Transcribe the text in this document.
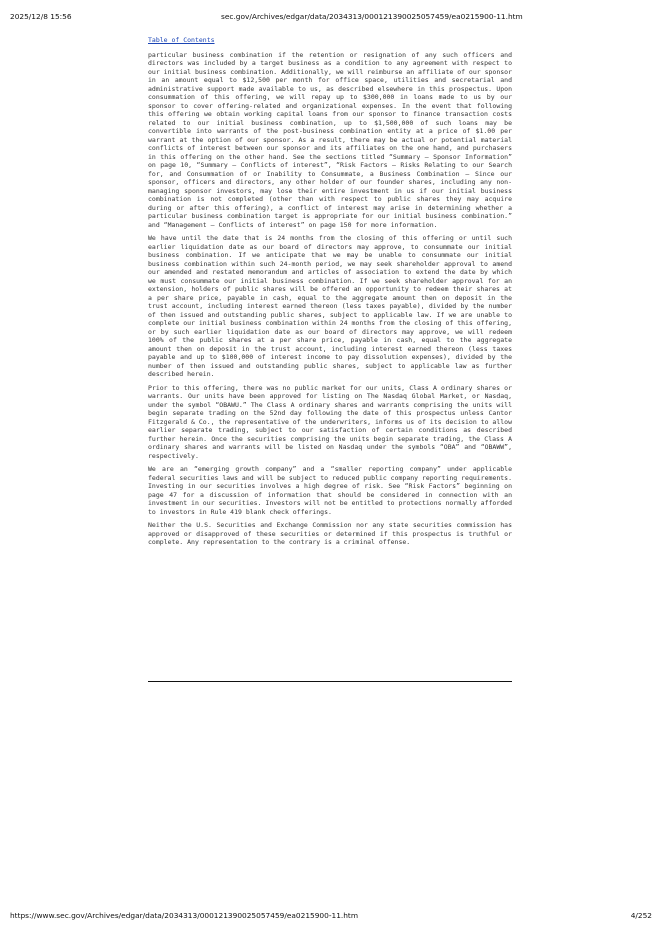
2025/12/8 15:56	sec.gov/Archives/edgar/data/2034313/000121390025057459/ea0215900-11.htm
Table of Contents

particular business combination if the retention or resignation of any such officers and directors was included by a target business as a condition to any agreement with respect to our initial business combination. Additionally, we will reimburse an affiliate of our sponsor in an amount equal to $12,500 per month for office space, utilities and secretarial and administrative support made available to us, as described elsewhere in this prospectus. Upon consummation of this offering, we will repay up to $300,000 in loans made to us by our sponsor to cover offering-related and organizational expenses. In the event that following this offering we obtain working capital loans from our sponsor to finance transaction costs related to our initial business combination, up to $1,500,000 of such loans may be convertible into warrants of the post-business combination entity at a price of $1.00 per warrant at the option of our sponsor. As a result, there may be actual or potential material conflicts of interest between our sponsor and its affiliates on the one hand, and purchasers in this offering on the other hand. See the sections titled “Summary — Sponsor Information” on page 10, “Summary — Conflicts of interest”, “Risk Factors — Risks Relating to our Search for, and Consummation of or Inability to Consummate, a Business Combination — Since our sponsor, officers and directors, any other holder of our founder shares, including any non-managing sponsor investors, may lose their entire investment in us if our initial business combination is not completed (other than with respect to public shares they may acquire during or after this offering), a conflict of interest may arise in determining whether a particular business combination target is appropriate for our initial business combination.” and “Management — Conflicts of interest” on page 150 for more information.

We have until the date that is 24 months from the closing of this offering or until such earlier liquidation date as our board of directors may approve, to consummate our initial business combination. If we anticipate that we may be unable to consummate our initial business combination within such 24-month period, we may seek shareholder approval to amend our amended and restated memorandum and articles of association to extend the date by which we must consummate our initial business combination. If we seek shareholder approval for an extension, holders of public shares will be offered an opportunity to redeem their shares at a per share price, payable in cash, equal to the aggregate amount then on deposit in the trust account, including interest earned thereon (less taxes payable), divided by the number of then issued and outstanding public shares, subject to applicable law. If we are unable to complete our initial business combination within 24 months from the closing of this offering, or by such earlier liquidation date as our board of directors may approve, we will redeem 100% of the public shares at a per share price, payable in cash, equal to the aggregate amount then on deposit in the trust account, including interest earned thereon (less taxes payable and up to $100,000 of interest income to pay dissolution expenses), divided by the number of then issued and outstanding public shares, subject to applicable law as further described herein.

Prior to this offering, there was no public market for our units, Class A ordinary shares or warrants. Our units have been approved for listing on The Nasdaq Global Market, or Nasdaq, under the symbol “OBAWU.” The Class A ordinary shares and warrants comprising the units will begin separate trading on the 52nd day following the date of this prospectus unless Cantor Fitzgerald & Co., the representative of the underwriters, informs us of its decision to allow earlier separate trading, subject to our satisfaction of certain conditions as described further herein. Once the securities comprising the units begin separate trading, the Class A ordinary shares and warrants will be listed on Nasdaq under the symbols “OBA” and “OBAWW”, respectively.

We are an “emerging growth company” and a “smaller reporting company” under applicable federal securities laws and will be subject to reduced public company reporting requirements. Investing in our securities involves a high degree of risk. See “Risk Factors” beginning on page 47 for a discussion of information that should be considered in connection with an investment in our securities. Investors will not be entitled to protections normally afforded to investors in Rule 419 blank check offerings.

Neither the U.S. Securities and Exchange Commission nor any state securities commission has approved or disapproved of these securities or determined if this prospectus is truthful or complete. Any representation to the contrary is a criminal offense.

https://www.sec.gov/Archives/edgar/data/2034313/000121390025057459/ea0215900-11.htm	4/252
